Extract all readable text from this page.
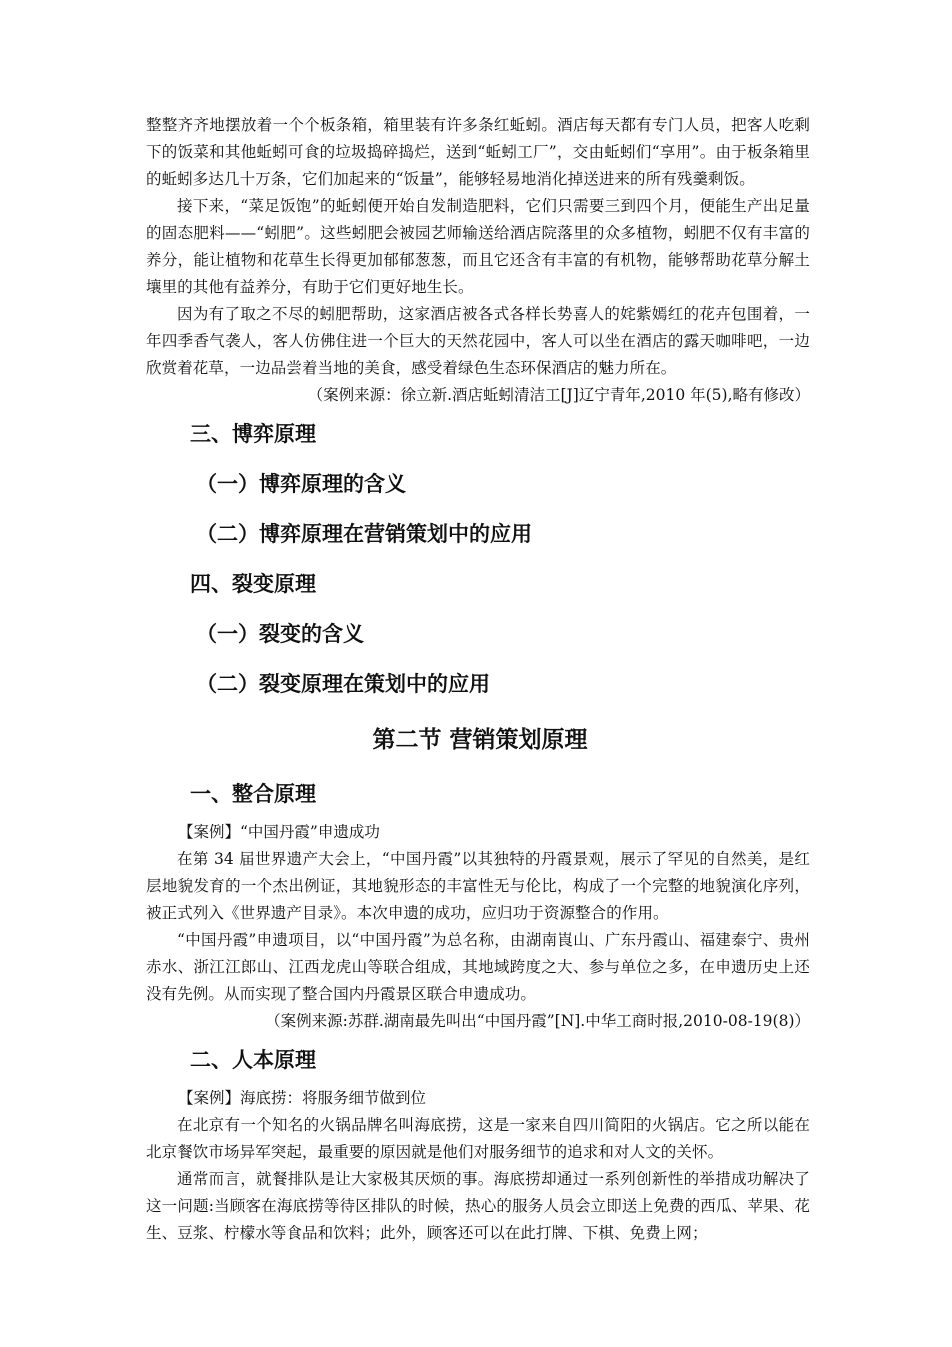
整整齐齐地摆放着一个个板条箱，箱里装有许多条红蚯蚓。酒店每天都有专门人员，把客人吃剩下的饭菜和其他蚯蚓可食的垃圾捣碎捣烂，送到“蚯蚓工厂”，交由蚯蚓们“享用”。由于板条箱里的蚯蚓多达几十万条，它们加起来的“饭量”，能够轻易地消化掉送进来的所有残羹剩饭。

接下来，“菜足饭饱”的蚯蚓便开始自发制造肥料，它们只需要三到四个月，便能生产出足量的固态肥料——“蚓肥”。这些蚓肥会被园艺师输送给酒店院落里的众多植物，蚓肥不仅有丰富的养分，能让植物和花草生长得更加郁郁葱葱，而且它还含有丰富的有机物，能够帮助花草分解土壤里的其他有益养分，有助于它们更好地生长。

因为有了取之不尽的蚓肥帮助，这家酒店被各式各样长势喜人的姹紫嫣红的花卉包围着，一年四季香气袭人，客人仿佛住进一个巨大的天然花园中，客人可以坐在酒店的露天咖啡吧，一边欣赏着花草，一边品尝着当地的美食，感受着绿色生态环保酒店的魅力所在。

（案例来源：徐立新.酒店蚯蚓清洁工[J]辽宁青年,2010 年(5),略有修改）

三、博弈原理
（一）博弈原理的含义
（二）博弈原理在营销策划中的应用
四、裂变原理
（一）裂变的含义
（二）裂变原理在策划中的应用
第二节 营销策划原理
一、整合原理

【案例】“中国丹霞”申遗成功

在第 34 届世界遗产大会上，“中国丹霞”以其独特的丹霞景观，展示了罕见的自然美，是红层地貌发育的一个杰出例证，其地貌形态的丰富性无与伦比，构成了一个完整的地貌演化序列，被正式列入《世界遗产目录》。本次申遗的成功，应归功于资源整合的作用。

“中国丹霞”申遗项目，以“中国丹霞”为总名称，由湖南崀山、广东丹霞山、福建泰宁、贵州赤水、浙江江郎山、江西龙虎山等联合组成，其地域跨度之大、参与单位之多，在申遗历史上还没有先例。从而实现了整合国内丹霞景区联合申遗成功。

（案例来源:苏群.湖南最先叫出“中国丹霞”[N].中华工商时报,2010-08-19(8)）

二、人本原理

【案例】海底捞：将服务细节做到位

在北京有一个知名的火锅品牌名叫海底捞，这是一家来自四川简阳的火锅店。它之所以能在北京餐饮市场异军突起，最重要的原因就是他们对服务细节的追求和对人文的关怀。

通常而言，就餐排队是让大家极其厌烦的事。海底捞却通过一系列创新性的举措成功解决了这一问题:当顾客在海底捞等待区排队的时候，热心的服务人员会立即送上免费的西瓜、苹果、花生、豆浆、柠檬水等食品和饮料；此外，顾客还可以在此打牌、下棋、免费上网；
